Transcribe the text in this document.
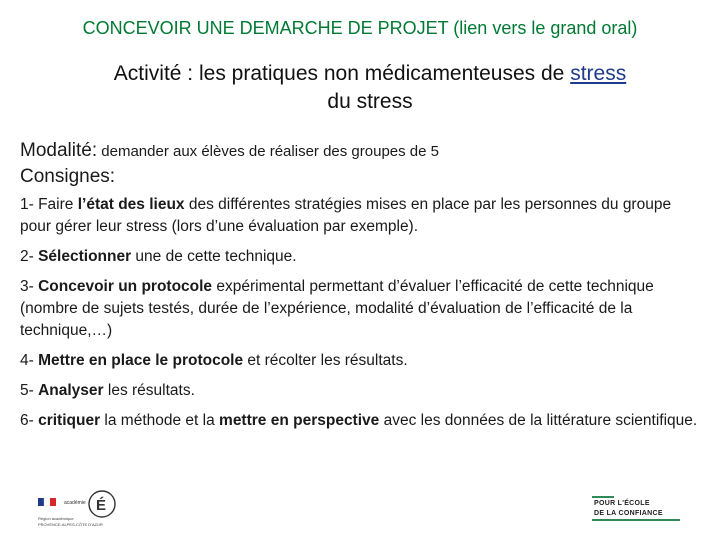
CONCEVOIR UNE DEMARCHE DE PROJET (lien vers le grand oral)
Activité : les pratiques non médicamenteuses de stress
du stress
Modalité: demander aux élèves de réaliser des groupes de 5
Consignes:
1- Faire l’état des lieux des différentes stratégies mises en place par les personnes du groupe pour gérer leur stress (lors d’une évaluation par exemple).
2- Sélectionner une de cette technique.
3- Concevoir un protocole expérimental permettant d’évaluer l’efficacité de cette technique (nombre de sujets testés, durée de l’expérience, modalité d’évaluation de l’efficacité de la technique,…)
4- Mettre en place le protocole et récolter les résultats.
5- Analyser les résultats.
6- critiquer la méthode et la mettre en perspective avec les données de la littérature scientifique.
académie É
Région académique
PROVENCE-ALPES-CÔTE D'AZUR
POUR L'ÉCOLE
DE LA CONFIANCE
